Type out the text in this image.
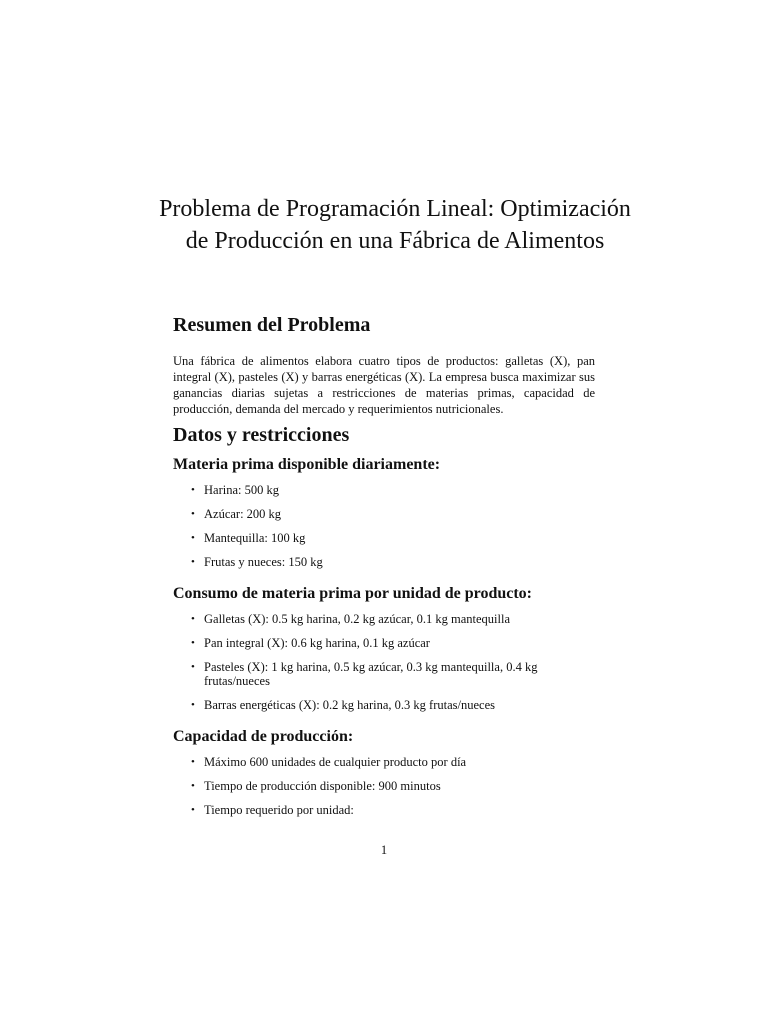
Problema de Programación Lineal: Optimización de Producción en una Fábrica de Alimentos
Resumen del Problema

Una fábrica de alimentos elabora cuatro tipos de productos: galletas (X), pan integral (X), pasteles (X) y barras energéticas (X). La empresa busca maximizar sus ganancias diarias sujetas a restricciones de materias primas, capacidad de producción, demanda del mercado y requerimientos nutricionales.

Datos y restricciones
Materia prima disponible diariamente:
• Harina: 500 kg
• Azúcar: 200 kg
• Mantequilla: 100 kg
• Frutas y nueces: 150 kg
Consumo de materia prima por unidad de producto:
• Galletas (X): 0.5 kg harina, 0.2 kg azúcar, 0.1 kg mantequilla
• Pan integral (X): 0.6 kg harina, 0.1 kg azúcar
• Pasteles (X): 1 kg harina, 0.5 kg azúcar, 0.3 kg mantequilla, 0.4 kg frutas/nueces
• Barras energéticas (X): 0.2 kg harina, 0.3 kg frutas/nueces
Capacidad de producción:
• Máximo 600 unidades de cualquier producto por día
• Tiempo de producción disponible: 900 minutos
• Tiempo requerido por unidad:
1
